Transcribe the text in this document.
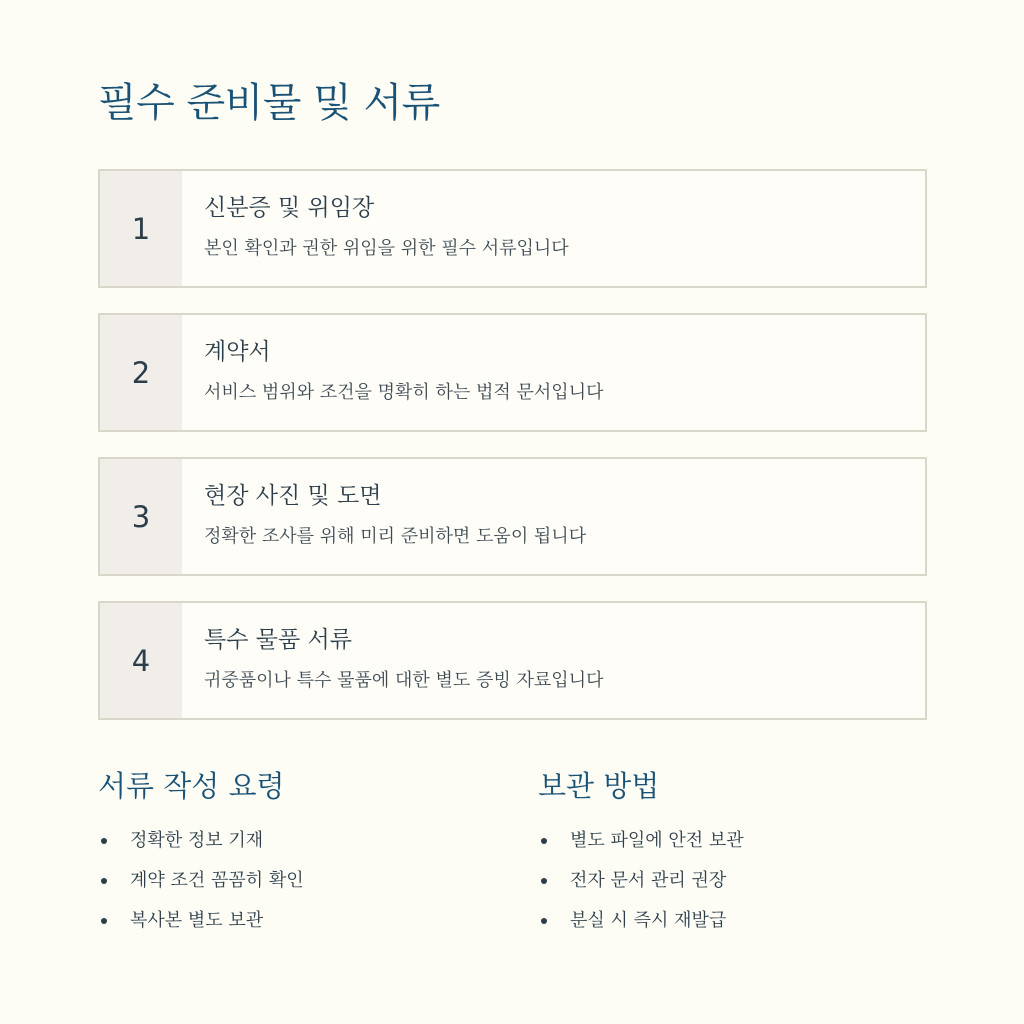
필수 준비물 및 서류
1
신분증 및 위임장
본인 확인과 권한 위임을 위한 필수 서류입니다
2
계약서
서비스 범위와 조건을 명확히 하는 법적 문서입니다
3
현장 사진 및 도면
정확한 조사를 위해 미리 준비하면 도움이 됩니다
4
특수 물품 서류
귀중품이나 특수 물품에 대한 별도 증빙 자료입니다
서류 작성 요령
정확한 정보 기재
계약 조건 꼼꼼히 확인
복사본 별도 보관
보관 방법
별도 파일에 안전 보관
전자 문서 관리 권장
분실 시 즉시 재발급
